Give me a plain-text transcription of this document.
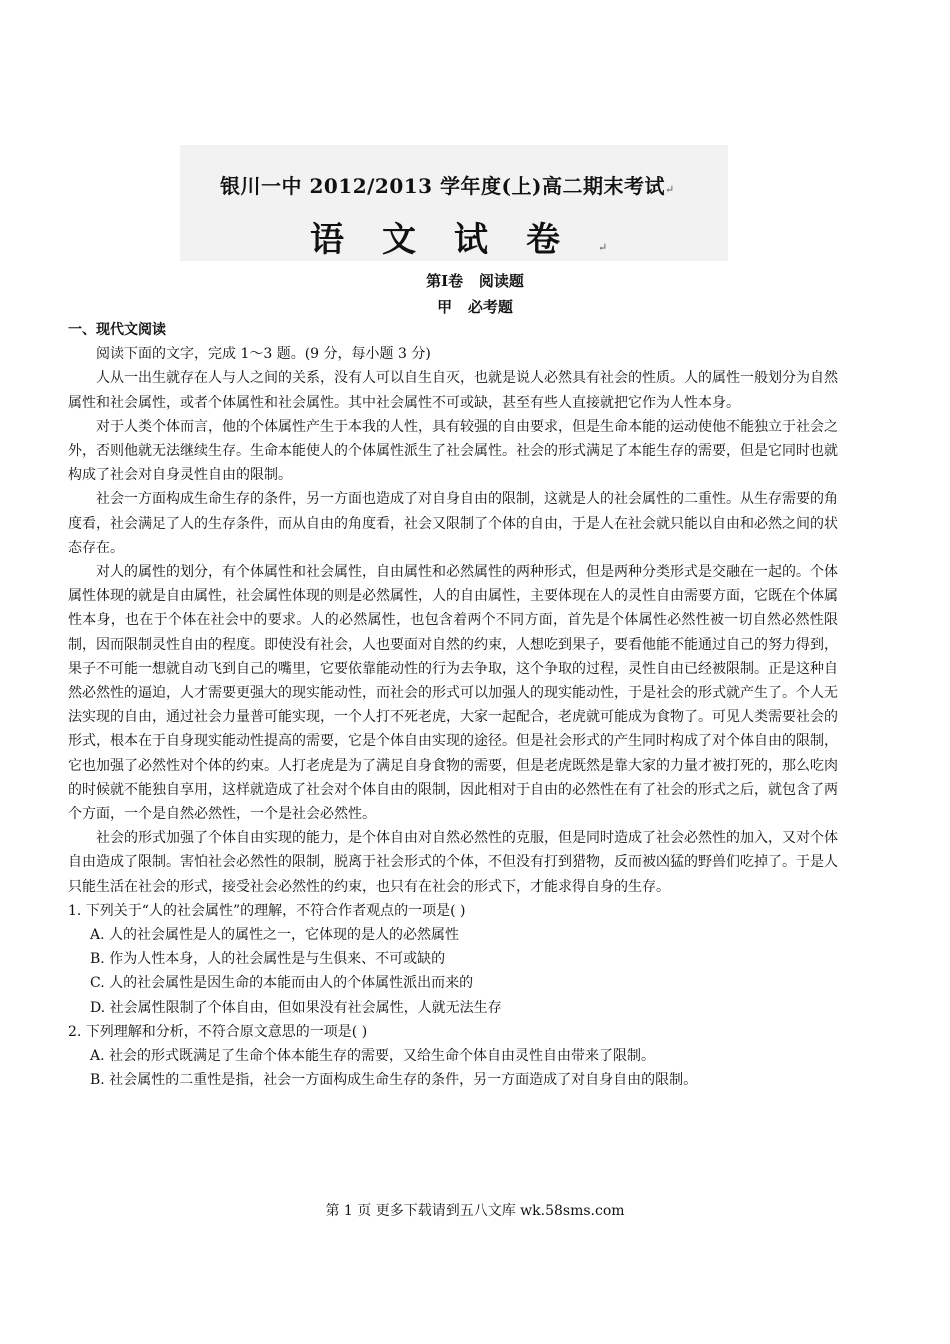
银川一中 2012/2013 学年度(上)高二期末考试↵
语文试卷↵
第I卷   阅读题
甲   必考题

一、现代文阅读

阅读下面的文字，完成 1～3 题。(9 分，每小题 3 分)

人从一出生就存在人与人之间的关系，没有人可以自生自灭，也就是说人必然具有社会的性质。人的属性一般划分为自然属性和社会属性，或者个体属性和社会属性。其中社会属性不可或缺，甚至有些人直接就把它作为人性本身。

对于人类个体而言，他的个体属性产生于本我的人性，具有较强的自由要求，但是生命本能的运动使他不能独立于社会之外，否则他就无法继续生存。生命本能使人的个体属性派生了社会属性。社会的形式满足了本能生存的需要，但是它同时也就构成了社会对自身灵性自由的限制。

社会一方面构成生命生存的条件，另一方面也造成了对自身自由的限制，这就是人的社会属性的二重性。从生存需要的角度看，社会满足了人的生存条件，而从自由的角度看，社会又限制了个体的自由，于是人在社会就只能以自由和必然之间的状态存在。

对人的属性的划分，有个体属性和社会属性，自由属性和必然属性的两种形式，但是两种分类形式是交融在一起的。个体属性体现的就是自由属性，社会属性体现的则是必然属性，人的自由属性，主要体现在人的灵性自由需要方面，它既在个体属性本身，也在于个体在社会中的要求。人的必然属性，也包含着两个不同方面，首先是个体属性必然性被一切自然必然性限制，因而限制灵性自由的程度。即使没有社会，人也要面对自然的约束，人想吃到果子，要看他能不能通过自己的努力得到，果子不可能一想就自动飞到自己的嘴里，它要依靠能动性的行为去争取，这个争取的过程，灵性自由已经被限制。正是这种自然必然性的逼迫，人才需要更强大的现实能动性，而社会的形式可以加强人的现实能动性，于是社会的形式就产生了。个人无法实现的自由，通过社会力量普可能实现，一个人打不死老虎，大家一起配合，老虎就可能成为食物了。可见人类需要社会的形式，根本在于自身现实能动性提高的需要，它是个体自由实现的途径。但是社会形式的产生同时构成了对个体自由的限制，它也加强了必然性对个体的约束。人打老虎是为了满足自身食物的需要，但是老虎既然是靠大家的力量才被打死的，那么吃肉的时候就不能独自享用，这样就造成了社会对个体自由的限制，因此相对于自由的必然性在有了社会的形式之后，就包含了两个方面，一个是自然必然性，一个是社会必然性。

社会的形式加强了个体自由实现的能力，是个体自由对自然必然性的克服，但是同时造成了社会必然性的加入，又对个体自由造成了限制。害怕社会必然性的限制，脱离于社会形式的个体，不但没有打到猎物，反而被凶猛的野兽们吃掉了。于是人只能生活在社会的形式，接受社会必然性的约束，也只有在社会的形式下，才能求得自身的生存。

1. 下列关于“人的社会属性”的理解，不符合作者观点的一项是( )

A. 人的社会属性是人的属性之一，它体现的是人的必然属性

B. 作为人性本身，人的社会属性是与生俱来、不可或缺的

C. 人的社会属性是因生命的本能而由人的个体属性派出而来的

D. 社会属性限制了个体自由，但如果没有社会属性，人就无法生存

2. 下列理解和分析，不符合原文意思的一项是( )

A. 社会的形式既满足了生命个体本能生存的需要，又给生命个体自由灵性自由带来了限制。

B. 社会属性的二重性是指，社会一方面构成生命生存的条件，另一方面造成了对自身自由的限制。

第 1 页 更多下载请到五八文库 wk.58sms.com
